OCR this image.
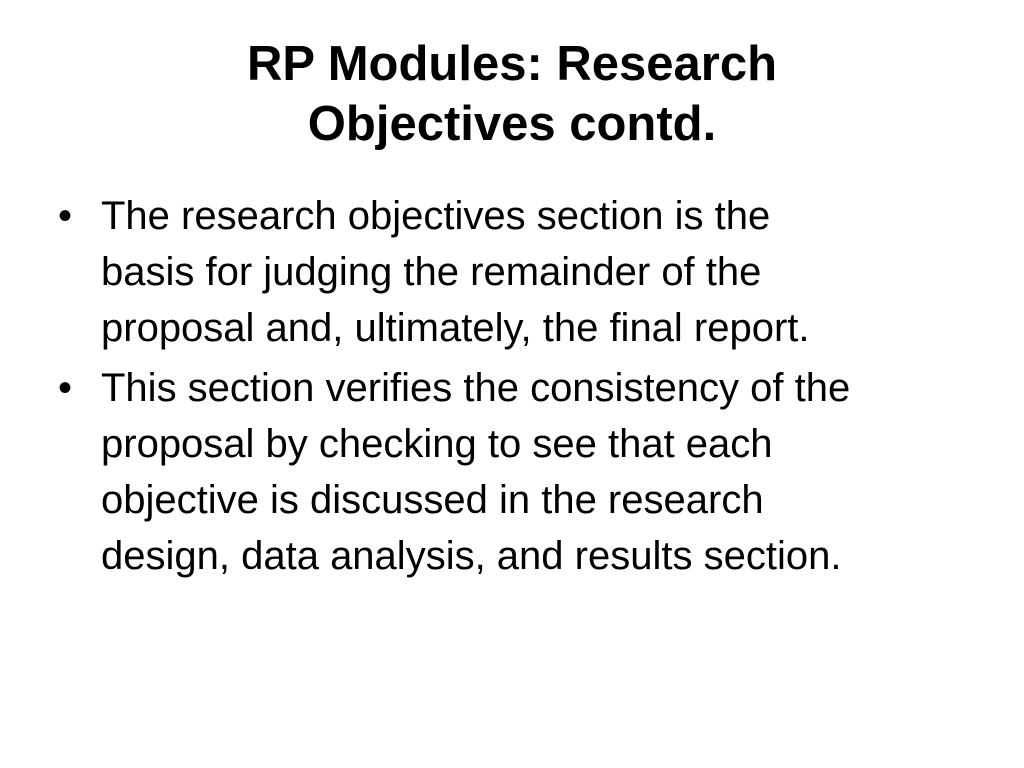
RP Modules: Research
Objectives contd.
• The research objectives section is the
basis for judging the remainder of the
proposal and, ultimately, the final report.
• This section verifies the consistency of the
proposal by checking to see that each
objective is discussed in the research
design, data analysis, and results section.
